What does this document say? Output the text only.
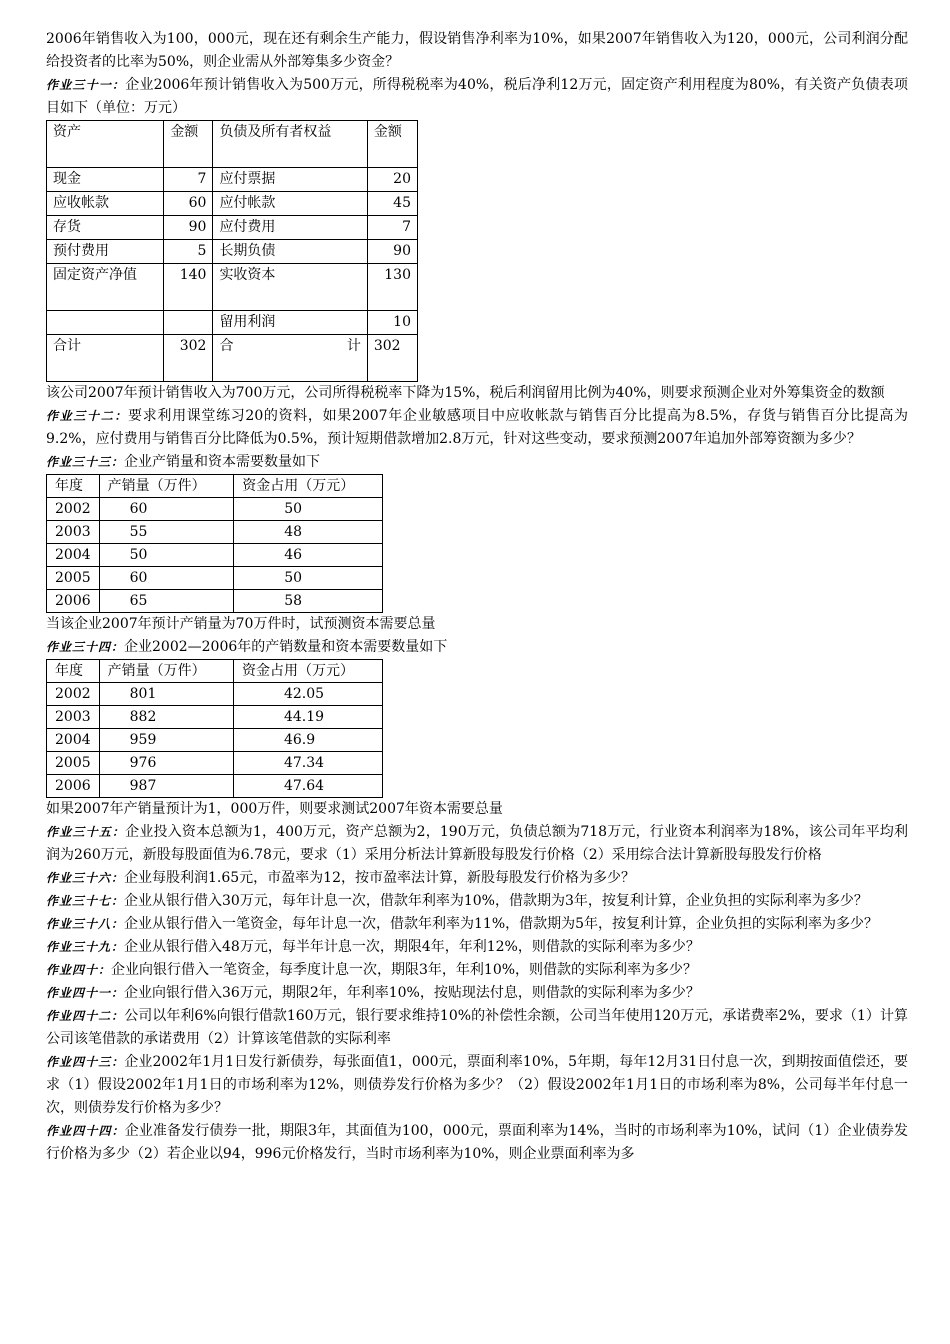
2006年销售收入为100，000元，现在还有剩余生产能力，假设销售净利率为10%，如果2007年销售收入为120，000元，公司利润分配给投资者的比率为50%，则企业需从外部筹集多少资金？

作业三十一：企业2006年预计销售收入为500万元，所得税税率为40%，税后净利12万元，固定资产利用程度为80%，有关资产负债表项目如下（单位：万元）

资产	金额	负债及所有者权益	金额
现金	7	应付票据	20
应收帐款	60	应付帐款	45
存货	90	应付费用	7
预付费用	5	长期负债	90
固定资产净值	140	实收资本	130
		留用利润	10
合计	302	合 计	302

该公司2007年预计销售收入为700万元，公司所得税税率下降为15%，税后利润留用比例为40%，则要求预测企业对外筹集资金的数额

作业三十二：要求利用课堂练习20的资料，如果2007年企业敏感项目中应收帐款与销售百分比提高为8.5%，存货与销售百分比提高为9.2%，应付费用与销售百分比降低为0.5%，预计短期借款增加2.8万元，针对这些变动，要求预测2007年追加外部筹资额为多少？

作业三十三：企业产销量和资本需要数量如下

年度	产销量（万件）	资金占用（万元）
2002	60	50
2003	55	48
2004	50	46
2005	60	50
2006	65	58

当该企业2007年预计产销量为70万件时，试预测资本需要总量

作业三十四：企业2002—2006年的产销数量和资本需要数量如下

年度	产销量（万件）	资金占用（万元）
2002	801	42.05
2003	882	44.19
2004	959	46.9
2005	976	47.34
2006	987	47.64

如果2007年产销量预计为1，000万件，则要求测试2007年资本需要总量

作业三十五：企业投入资本总额为1，400万元，资产总额为2，190万元，负债总额为718万元，行业资本利润率为18%，该公司年平均利润为260万元，新股每股面值为6.78元，要求（1）采用分析法计算新股每股发行价格（2）采用综合法计算新股每股发行价格

作业三十六：企业每股利润1.65元，市盈率为12，按市盈率法计算，新股每股发行价格为多少？

作业三十七：企业从银行借入30万元，每年计息一次，借款年利率为10%，借款期为3年，按复利计算，企业负担的实际利率为多少？

作业三十八：企业从银行借入一笔资金，每年计息一次，借款年利率为11%，借款期为5年，按复利计算，企业负担的实际利率为多少？

作业三十九：企业从银行借入48万元，每半年计息一次，期限4年，年利12%，则借款的实际利率为多少？

作业四十：企业向银行借入一笔资金，每季度计息一次，期限3年，年利10%，则借款的实际利率为多少？

作业四十一：企业向银行借入36万元，期限2年，年利率10%，按贴现法付息，则借款的实际利率为多少？

作业四十二：公司以年利6%向银行借款160万元，银行要求维持10%的补偿性余额，公司当年使用120万元，承诺费率2%，要求（1）计算公司该笔借款的承诺费用（2）计算该笔借款的实际利率

作业四十三：企业2002年1月1日发行新债券，每张面值1，000元，票面利率10%，5年期，每年12月31日付息一次，到期按面值偿还，要求（1）假设2002年1月1日的市场利率为12%，则债券发行价格为多少？（2）假设2002年1月1日的市场利率为8%，公司每半年付息一次，则债券发行价格为多少？

作业四十四：企业准备发行债券一批，期限3年，其面值为100，000元，票面利率为14%，当时的市场利率为10%，试问（1）企业债券发行价格为多少（2）若企业以94，996元价格发行，当时市场利率为10%，则企业票面利率为多
